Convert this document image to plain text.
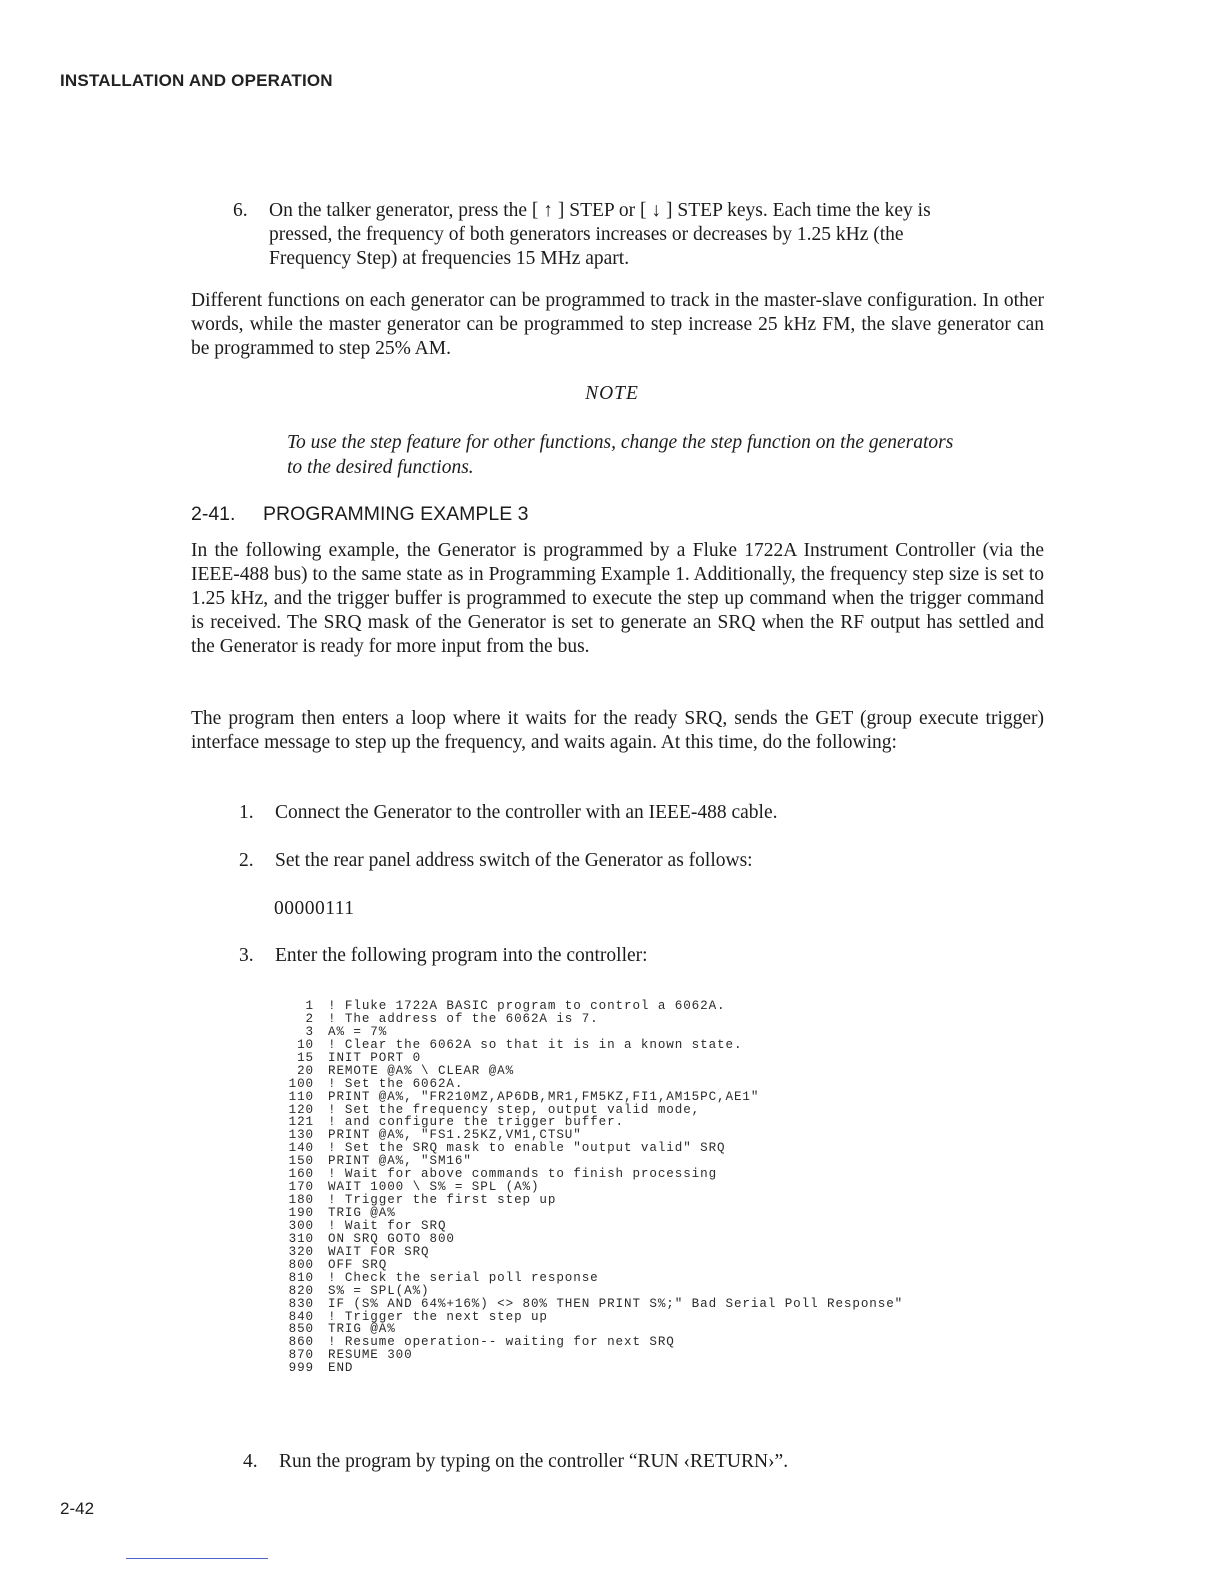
INSTALLATION AND OPERATION
6. On the talker generator, press the [ ↑ ] STEP or [ ↓ ] STEP keys. Each time the key is
pressed, the frequency of both generators increases or decreases by 1.25 kHz (the
Frequency Step) at frequencies 15 MHz apart.
Different functions on each generator can be programmed to track in the master-slave configuration. In other words, while the master generator can be programmed to step increase 25 kHz FM, the slave generator can be programmed to step 25% AM.
NOTE
To use the step feature for other functions, change the step function on the generators to the desired functions.
2-41. PROGRAMMING EXAMPLE 3
In the following example, the Generator is programmed by a Fluke 1722A Instrument Controller (via the IEEE-488 bus) to the same state as in Programming Example 1. Additionally, the frequency step size is set to 1.25 kHz, and the trigger buffer is programmed to execute the step up command when the trigger command is received. The SRQ mask of the Generator is set to generate an SRQ when the RF output has settled and the Generator is ready for more input from the bus.
The program then enters a loop where it waits for the ready SRQ, sends the GET (group execute trigger) interface message to step up the frequency, and waits again. At this time, do the following:
1. Connect the Generator to the controller with an IEEE-488 cable.
2. Set the rear panel address switch of the Generator as follows:
00000111
3. Enter the following program into the controller:
1 ! Fluke 1722A BASIC program to control a 6062A.
2 ! The address of the 6062A is 7.
3 A% = 7%
10 ! Clear the 6062A so that it is in a known state.
15 INIT PORT 0
20 REMOTE @A% \ CLEAR @A%
100 ! Set the 6062A.
110 PRINT @A%, "FR210MZ,AP6DB,MR1,FM5KZ,FI1,AM15PC,AE1"
120 ! Set the frequency step, output valid mode,
121 ! and configure the trigger buffer.
130 PRINT @A%, "FS1.25KZ,VM1,CTSU"
140 ! Set the SRQ mask to enable "output valid" SRQ
150 PRINT @A%, "SM16"
160 ! Wait for above commands to finish processing
170 WAIT 1000 \ S% = SPL (A%)
180 ! Trigger the first step up
190 TRIG @A%
300 ! Wait for SRQ
310 ON SRQ GOTO 800
320 WAIT FOR SRQ
800 OFF SRQ
810 ! Check the serial poll response
820 S% = SPL(A%)
830 IF (S% AND 64%+16%) <> 80% THEN PRINT S%;" Bad Serial Poll Response"
840 ! Trigger the next step up
850 TRIG @A%
860 ! Resume operation-- waiting for next SRQ
870 RESUME 300
999 END
4. Run the program by typing on the controller “RUN ‹RETURN›”.
2-42
